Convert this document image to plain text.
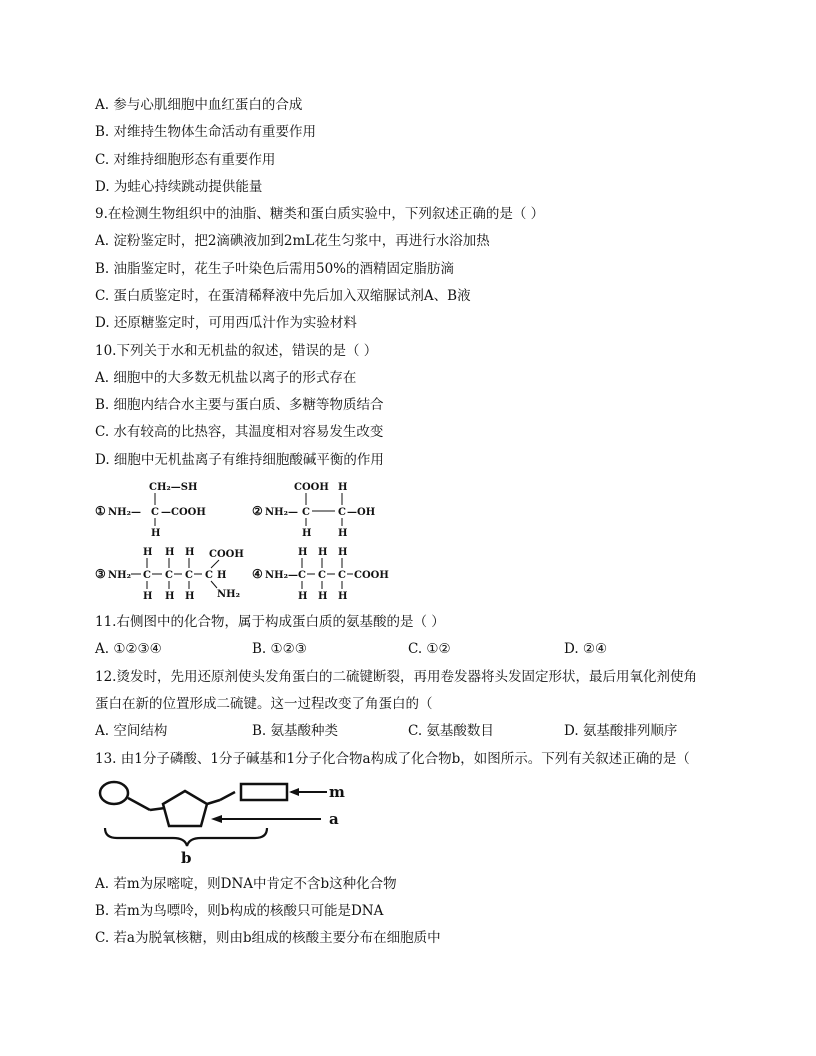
A. 参与心肌细胞中血红蛋白的合成
B. 对维持生物体生命活动有重要作用
C. 对维持细胞形态有重要作用
D. 为蛙心持续跳动提供能量
9.在检测生物组织中的油脂、糖类和蛋白质实验中，下列叙述正确的是（ ）
A. 淀粉鉴定时，把2滴碘液加到2mL花生匀浆中，再进行水浴加热
B. 油脂鉴定时，花生子叶染色后需用50%的酒精固定脂肪滴
C. 蛋白质鉴定时，在蛋清稀释液中先后加入双缩脲试剂A、B液
D. 还原糖鉴定时，可用西瓜汁作为实验材料
10.下列关于水和无机盐的叙述，错误的是（ ）
A. 细胞中的大多数无机盐以离子的形式存在
B. 细胞内结合水主要与蛋白质、多糖等物质结合
C. 水有较高的比热容，其温度相对容易发生改变
D. 细胞中无机盐离子有维持细胞酸碱平衡的作用
①
CH₂—SH
NH₂— C —COOH
H
②
COOH H
NH₂— C	C —OH
H	H
③ NH₂
H H H COOH
C C C C H
NH₂
H H H
④ NH₂—
H H H
C C C COOH
H H H
11.右侧图中的化合物，属于构成蛋白质的氨基酸的是（ ）
A. ①②③④	B. ①②③	C. ①②	D. ②④
12.烫发时，先用还原剂使头发角蛋白的二硫键断裂，再用卷发器将头发固定形状，最后用氧化剂使角
蛋白在新的位置形成二硫键。这一过程改变了角蛋白的（
A. 空间结构	B. 氨基酸种类	C. 氨基酸数目	D. 氨基酸排列顺序
13. 由1分子磷酸、1分子碱基和1分子化合物a构成了化合物b，如图所示。下列有关叙述正确的是（
m
a
b
A. 若m为尿嘧啶，则DNA中肯定不含b这种化合物
B. 若m为鸟嘌呤，则b构成的核酸只可能是DNA
C. 若a为脱氧核糖，则由b组成的核酸主要分布在细胞质中
